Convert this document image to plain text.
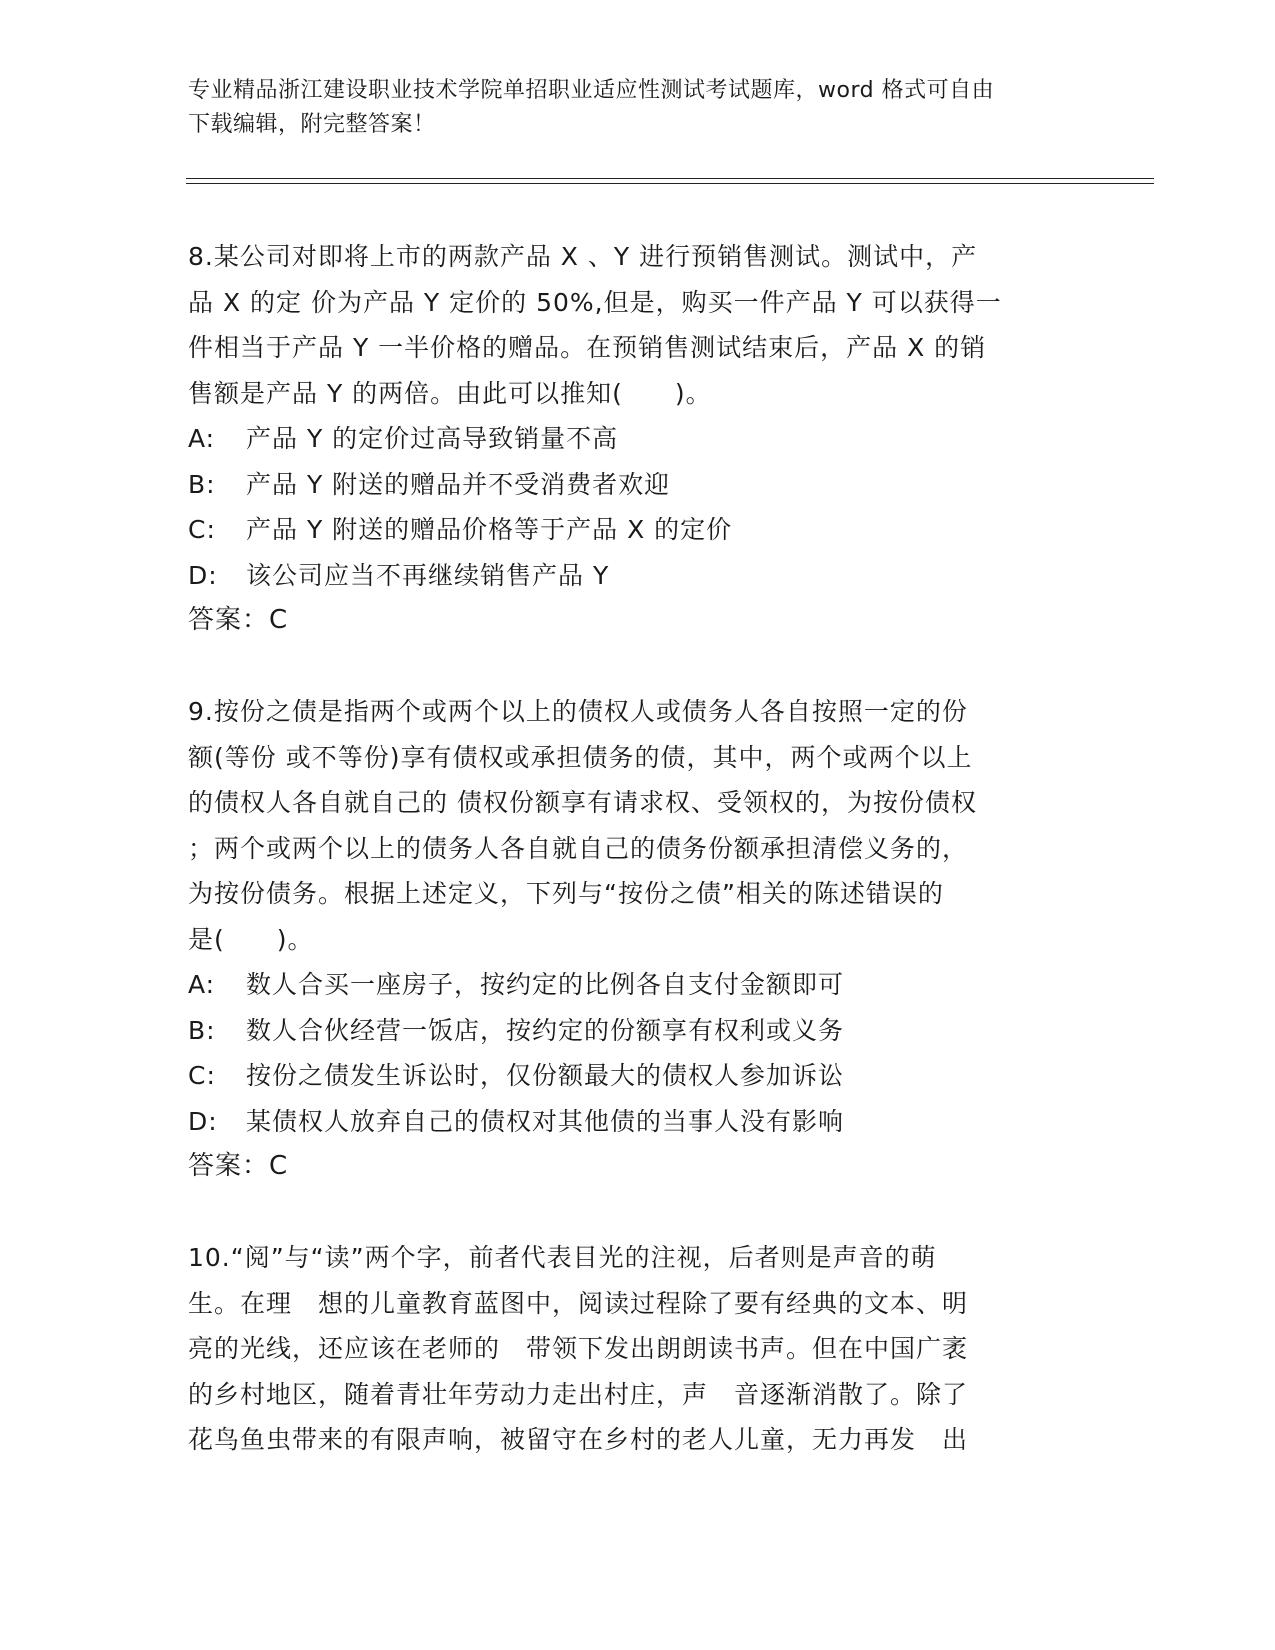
专业精品浙江建设职业技术学院单招职业适应性测试考试题库，word 格式可自由
下载编辑，附完整答案！

8.某公司对即将上市的两款产品 X 、Y 进行预销售测试。测试中，产

品 X 的定 价为产品 Y 定价的 50%,但是，购买一件产品 Y 可以获得一

件相当于产品 Y 一半价格的赠品。在预销售测试结束后，产品 X 的销

售额是产品 Y 的两倍。由此可以推知(　　)。

A:	产品 Y 的定价过高导致销量不高
B:	产品 Y 附送的赠品并不受消费者欢迎
C:	产品 Y 附送的赠品价格等于产品 X 的定价
D:	该公司应当不再继续销售产品 Y

答案：C

9.按份之债是指两个或两个以上的债权人或债务人各自按照一定的份

额(等份 或不等份)享有债权或承担债务的债，其中，两个或两个以上

的债权人各自就自己的 债权份额享有请求权、受领权的，为按份债权

；两个或两个以上的债务人各自就自己的债务份额承担清偿义务的，

为按份债务。根据上述定义，下列与“按份之债”相关的陈述错误的

是(　　)。

A:	数人合买一座房子，按约定的比例各自支付金额即可
B:	数人合伙经营一饭店，按约定的份额享有权利或义务
C:	按份之债发生诉讼时，仅份额最大的债权人参加诉讼
D:	某债权人放弃自己的债权对其他债的当事人没有影响

答案：C

10.“阅”与“读”两个字，前者代表目光的注视，后者则是声音的萌

生。在理　想的儿童教育蓝图中，阅读过程除了要有经典的文本、明

亮的光线，还应该在老师的　带领下发出朗朗读书声。但在中国广袤

的乡村地区，随着青壮年劳动力走出村庄，声　音逐渐消散了。除了

花鸟鱼虫带来的有限声响，被留守在乡村的老人儿童，无力再发　出
